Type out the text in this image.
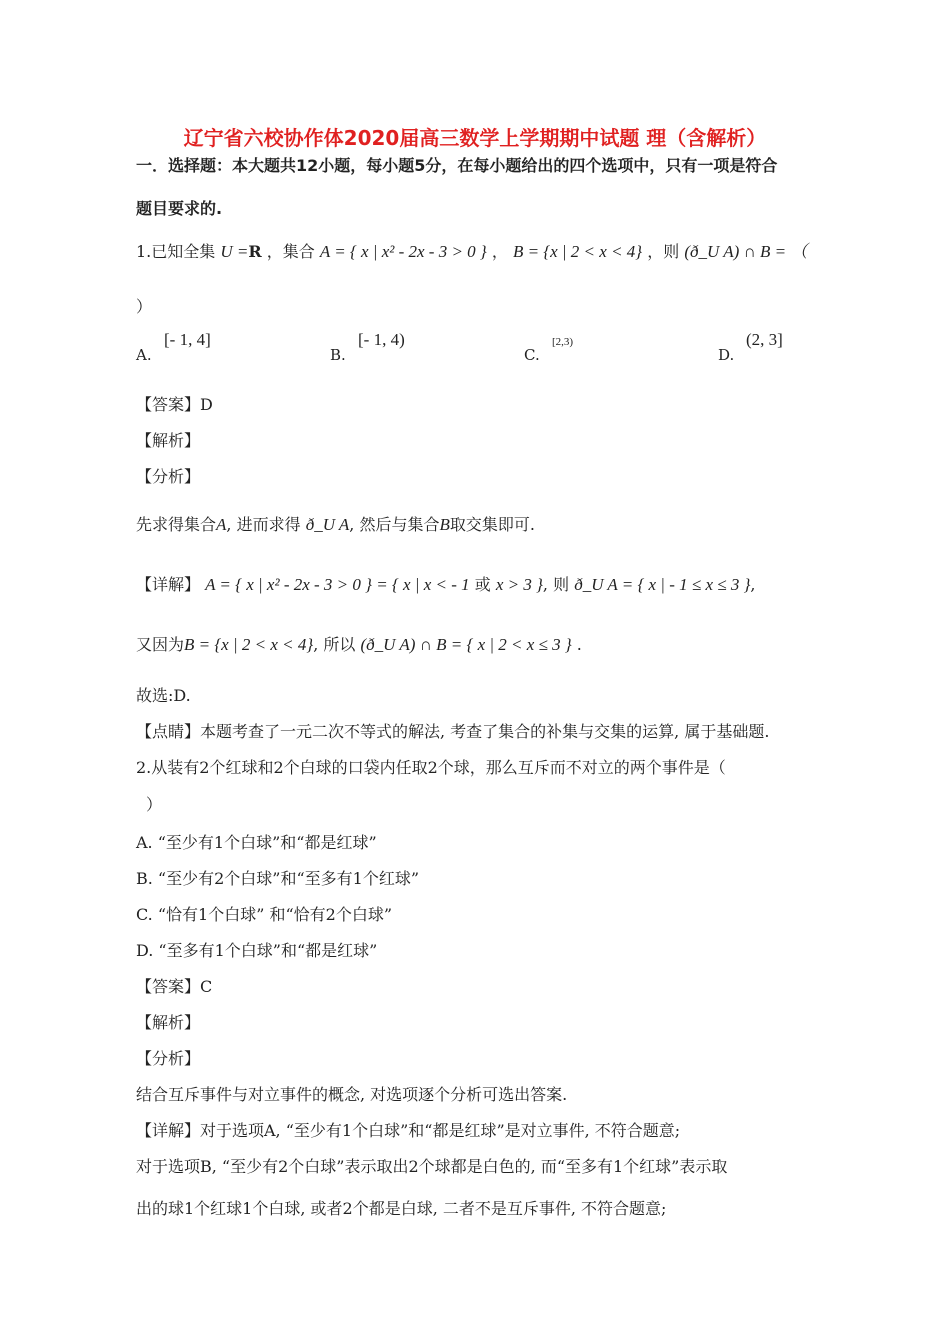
辽宁省六校协作体2020届高三数学上学期期中试题 理（含解析）
一．选择题：本大题共12小题，每小题5分，在每小题给出的四个选项中，只有一项是符合
题目要求的.
1.已知全集 U =R ，集合 A = { x | x² - 2x - 3 > 0 } ， B = {x | 2 < x < 4} ，则 (ð_U A) ∩ B = （
）
A.
[- 1, 4]
B.
[- 1, 4)
C.
[2,3)
D.
(2, 3]
【答案】D
【解析】
【分析】
先求得集合A, 进而求得 ð_U A, 然后与集合B取交集即可.
【详解】 A = { x | x² - 2x - 3 > 0 } = { x | x < - 1 或 x > 3 }, 则 ð_U A = { x | - 1 ≤ x ≤ 3 },
又因为B = {x | 2 < x < 4}, 所以 (ð_U A) ∩ B = { x | 2 < x ≤ 3 } .
故选:D.
【点睛】本题考查了一元二次不等式的解法, 考查了集合的补集与交集的运算, 属于基础题.
2.从装有2个红球和2个白球的口袋内任取2个球，那么互斥而不对立的两个事件是（
）
A. “至少有1个白球”和“都是红球”
B. “至少有2个白球”和“至多有1个红球”
C. “恰有1个白球” 和“恰有2个白球”
D. “至多有1个白球”和“都是红球”
【答案】C
【解析】
【分析】
结合互斥事件与对立事件的概念, 对选项逐个分析可选出答案.
【详解】对于选项A, “至少有1个白球”和“都是红球”是对立事件, 不符合题意;
对于选项B, “至少有2个白球”表示取出2个球都是白色的, 而“至多有1个红球”表示取
出的球1个红球1个白球, 或者2个都是白球, 二者不是互斥事件, 不符合题意;
